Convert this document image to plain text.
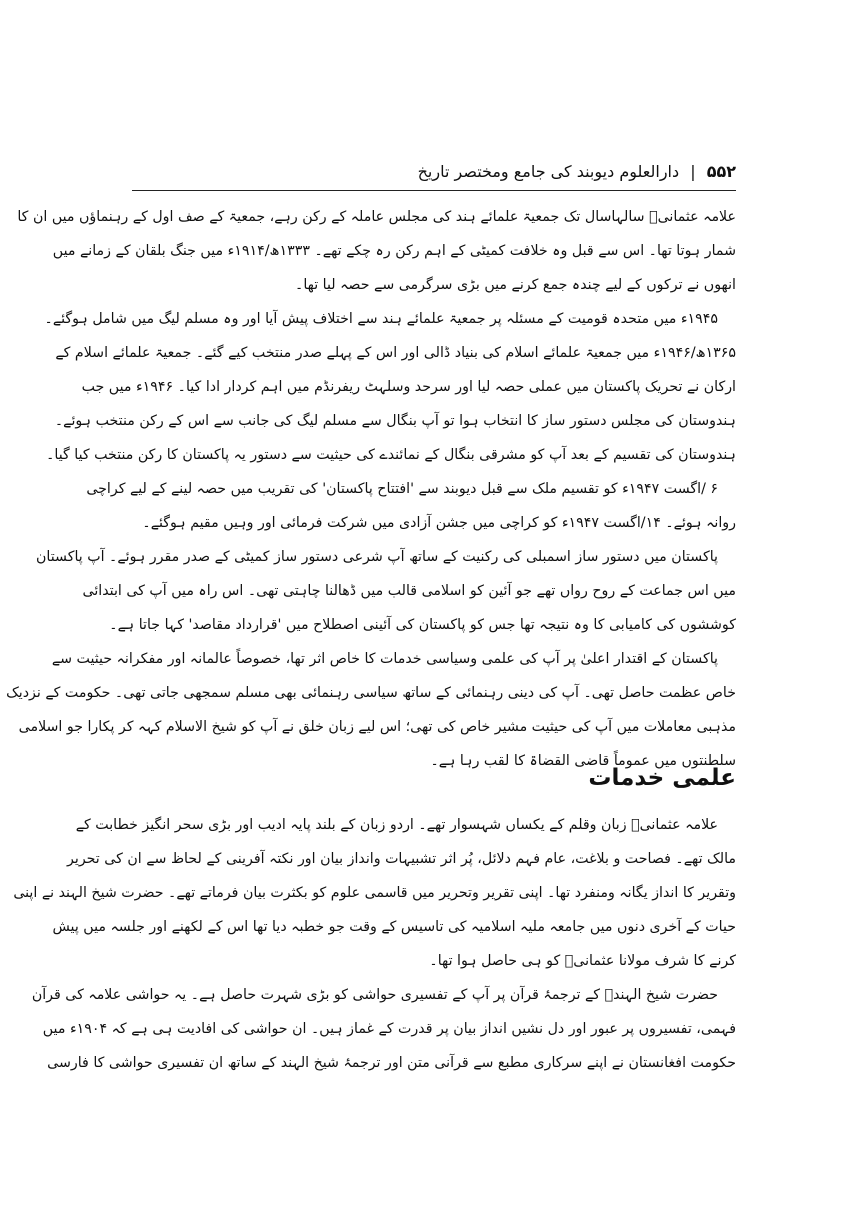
۵۵۲ | دارالعلوم دیوبند کی جامع ومختصر تاریخ
علامہ عثمانیؒ سالہاسال تک جمعیۃ علمائے ہند کی مجلس عاملہ کے رکن رہے، جمعیۃ کے صف اول کے رہنماؤں میں ان کا
شمار ہوتا تھا۔ اس سے قبل وہ خلافت کمیٹی کے اہم رکن رہ چکے تھے۔ ۱۳۳۳ھ/۱۹۱۴ء میں جنگ بلقان کے زمانے میں
انھوں نے ترکوں کے لیے چندہ جمع کرنے میں بڑی سرگرمی سے حصہ لیا تھا۔
۱۹۴۵ء میں متحدہ قومیت کے مسئلہ پر جمعیۃ علمائے ہند سے اختلاف پیش آیا اور وہ مسلم لیگ میں شامل ہوگئے۔
۱۳۶۵ھ/۱۹۴۶ء میں جمعیۃ علمائے اسلام کی بنیاد ڈالی اور اس کے پہلے صدر منتخب کیے گئے۔ جمعیۃ علمائے اسلام کے
ارکان نے تحریک پاکستان میں عملی حصہ لیا اور سرحد وسلہٹ ریفرنڈم میں اہم کردار ادا کیا۔ ۱۹۴۶ء میں جب
ہندوستان کی مجلس دستور ساز کا انتخاب ہوا تو آپ بنگال سے مسلم لیگ کی جانب سے اس کے رکن منتخب ہوئے۔
ہندوستان کی تقسیم کے بعد آپ کو مشرقی بنگال کے نمائندے کی حیثیت سے دستور یہ پاکستان کا رکن منتخب کیا گیا۔
۶ /اگست ۱۹۴۷ء کو تقسیم ملک سے قبل دیوبند سے 'افتتاح پاکستان' کی تقریب میں حصہ لینے کے لیے کراچی
روانہ ہوئے۔ ۱۴/اگست ۱۹۴۷ء کو کراچی میں جشن آزادی میں شرکت فرمائی اور وہیں مقیم ہوگئے۔
پاکستان میں دستور ساز اسمبلی کی رکنیت کے ساتھ آپ شرعی دستور ساز کمیٹی کے صدر مقرر ہوئے۔ آپ پاکستان
میں اس جماعت کے روح رواں تھے جو آئین کو اسلامی قالب میں ڈھالنا چاہتی تھی۔ اس راہ میں آپ کی ابتدائی
کوششوں کی کامیابی کا وہ نتیجہ تھا جس کو پاکستان کی آئینی اصطلاح میں 'قرارداد مقاصد' کہا جاتا ہے۔
پاکستان کے اقتدار اعلیٰ پر آپ کی علمی وسیاسی خدمات کا خاص اثر تھا، خصوصاً عالمانہ اور مفکرانہ حیثیت سے
خاص عظمت حاصل تھی۔ آپ کی دینی رہنمائی کے ساتھ سیاسی رہنمائی بھی مسلم سمجھی جاتی تھی۔ حکومت کے نزدیک
مذہبی معاملات میں آپ کی حیثیت مشیر خاص کی تھی؛ اس لیے زبان خلق نے آپ کو شیخ الاسلام کہہ کر پکارا جو اسلامی
سلطنتوں میں عموماً قاضی القضاۃ کا لقب رہا ہے۔
علمی خدمات
علامہ عثمانیؒ زبان وقلم کے یکساں شہسوار تھے۔ اردو زبان کے بلند پایہ ادیب اور بڑی سحر انگیز خطابت کے
مالک تھے۔ فصاحت و بلاغت، عام فہم دلائل، پُر اثر تشبیہات وانداز بیان اور نکتہ آفرینی کے لحاظ سے ان کی تحریر
وتقریر کا انداز یگانہ ومنفرد تھا۔ اپنی تقریر وتحریر میں قاسمی علوم کو بکثرت بیان فرماتے تھے۔ حضرت شیخ الہند نے اپنی
حیات کے آخری دنوں میں جامعہ ملیہ اسلامیہ کی تاسیس کے وقت جو خطبہ دیا تھا اس کے لکھنے اور جلسہ میں پیش
کرنے کا شرف مولانا عثمانیؒ کو ہی حاصل ہوا تھا۔
حضرت شیخ الہندؒ کے ترجمۂ قرآن پر آپ کے تفسیری حواشی کو بڑی شہرت حاصل ہے۔ یہ حواشی علامہ کی قرآن
فہمی، تفسیروں پر عبور اور دل نشیں انداز بیان پر قدرت کے غماز ہیں۔ ان حواشی کی افادیت ہی ہے کہ ۱۹۰۴ء میں
حکومت افغانستان نے اپنے سرکاری مطبع سے قرآنی متن اور ترجمۂ شیخ الہند کے ساتھ ان تفسیری حواشی کا فارسی
